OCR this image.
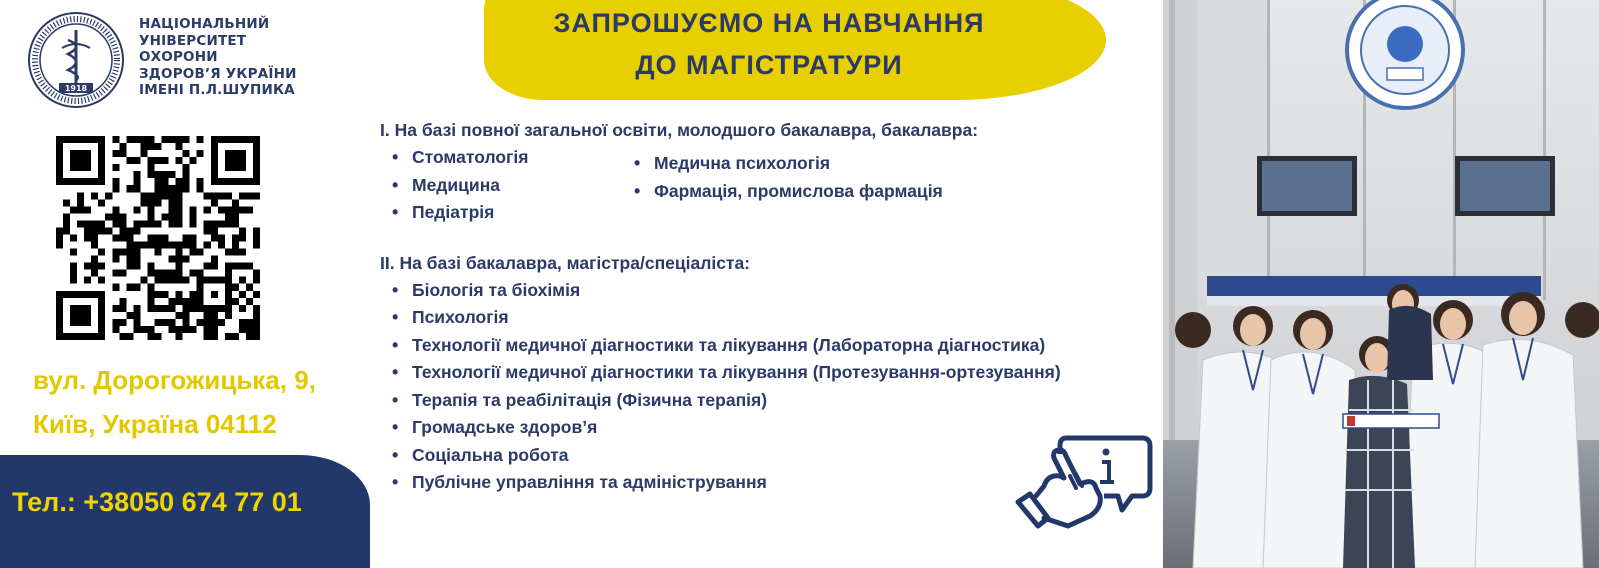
1918
НАЦІОНАЛЬНИЙ
УНІВЕРСИТЕТ
ОХОРОНИ
ЗДОРОВ’Я УКРАЇНИ
ІМЕНІ П.Л.ШУПИКА
вул. Дорогожицька, 9,
Київ, Україна 04112
Тел.: +38050 674 77 01
ЗАПРОШУЄМО НА НАВЧАННЯ
ДО МАГІСТРАТУРИ
І. На базі повної загальної освіти, молодшого бакалавра, бакалавра:
• Стоматологія
• Медицина
• Педіатрія
• Медична психологія
• Фармація, промислова фармація
ІІ. На базі бакалавра, магістра/спеціаліста:
• Біологія та біохімія
• Психологія
• Технології медичної діагностики та лікування (Лабораторна діагностика)
• Технології медичної діагностики та лікування (Протезування-ортезування)
• Терапія та реабілітація (Фізична терапія)
• Громадське здоров’я
• Соціальна робота
• Публічне управління та адміністрування
